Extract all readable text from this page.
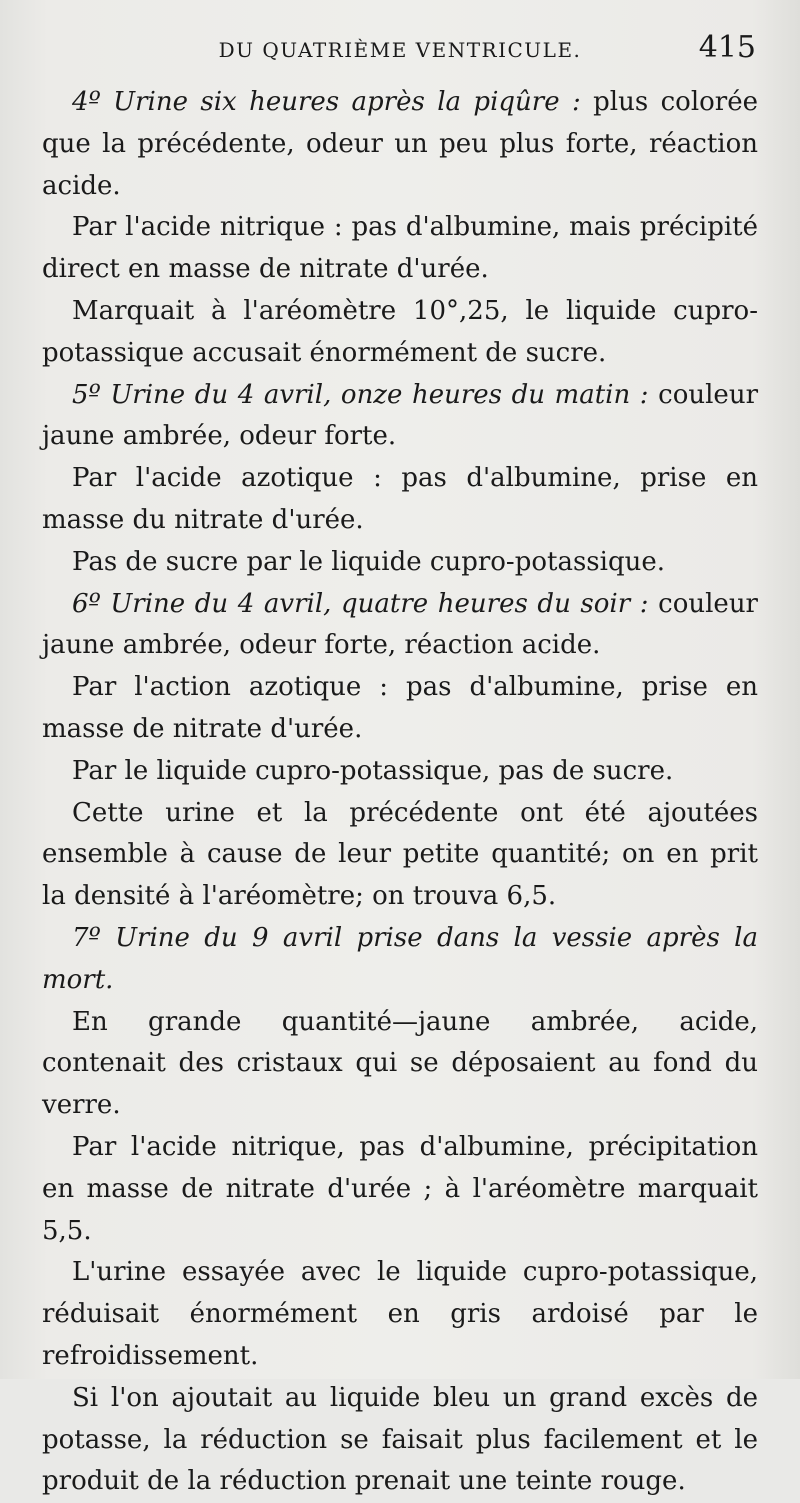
DU QUATRIÈME VENTRICULE.	415

4º Urine six heures après la piqûre : plus colorée que la précédente, odeur un peu plus forte, réaction acide.

Par l'acide nitrique : pas d'albumine, mais précipité direct en masse de nitrate d'urée.

Marquait à l'aréomètre 10°,25, le liquide cupro-potassique accusait énormément de sucre.

5º Urine du 4 avril, onze heures du matin : couleur jaune ambrée, odeur forte.

Par l'acide azotique : pas d'albumine, prise en masse du nitrate d'urée.

Pas de sucre par le liquide cupro-potassique.

6º Urine du 4 avril, quatre heures du soir : couleur jaune ambrée, odeur forte, réaction acide.

Par l'action azotique : pas d'albumine, prise en masse de nitrate d'urée.

Par le liquide cupro-potassique, pas de sucre.

Cette urine et la précédente ont été ajoutées ensemble à cause de leur petite quantité; on en prit la densité à l'aréomètre; on trouva 6,5.

7º Urine du 9 avril prise dans la vessie après la mort.

En grande quantité—jaune ambrée, acide, contenait des cristaux qui se déposaient au fond du verre.

Par l'acide nitrique, pas d'albumine, précipitation en masse de nitrate d'urée ; à l'aréomètre marquait 5,5.

L'urine essayée avec le liquide cupro-potassique, réduisait énormément en gris ardoisé par le refroidissement.

Si l'on ajoutait au liquide bleu un grand excès de potasse, la réduction se faisait plus facilement et le produit de la réduction prenait une teinte rouge.
